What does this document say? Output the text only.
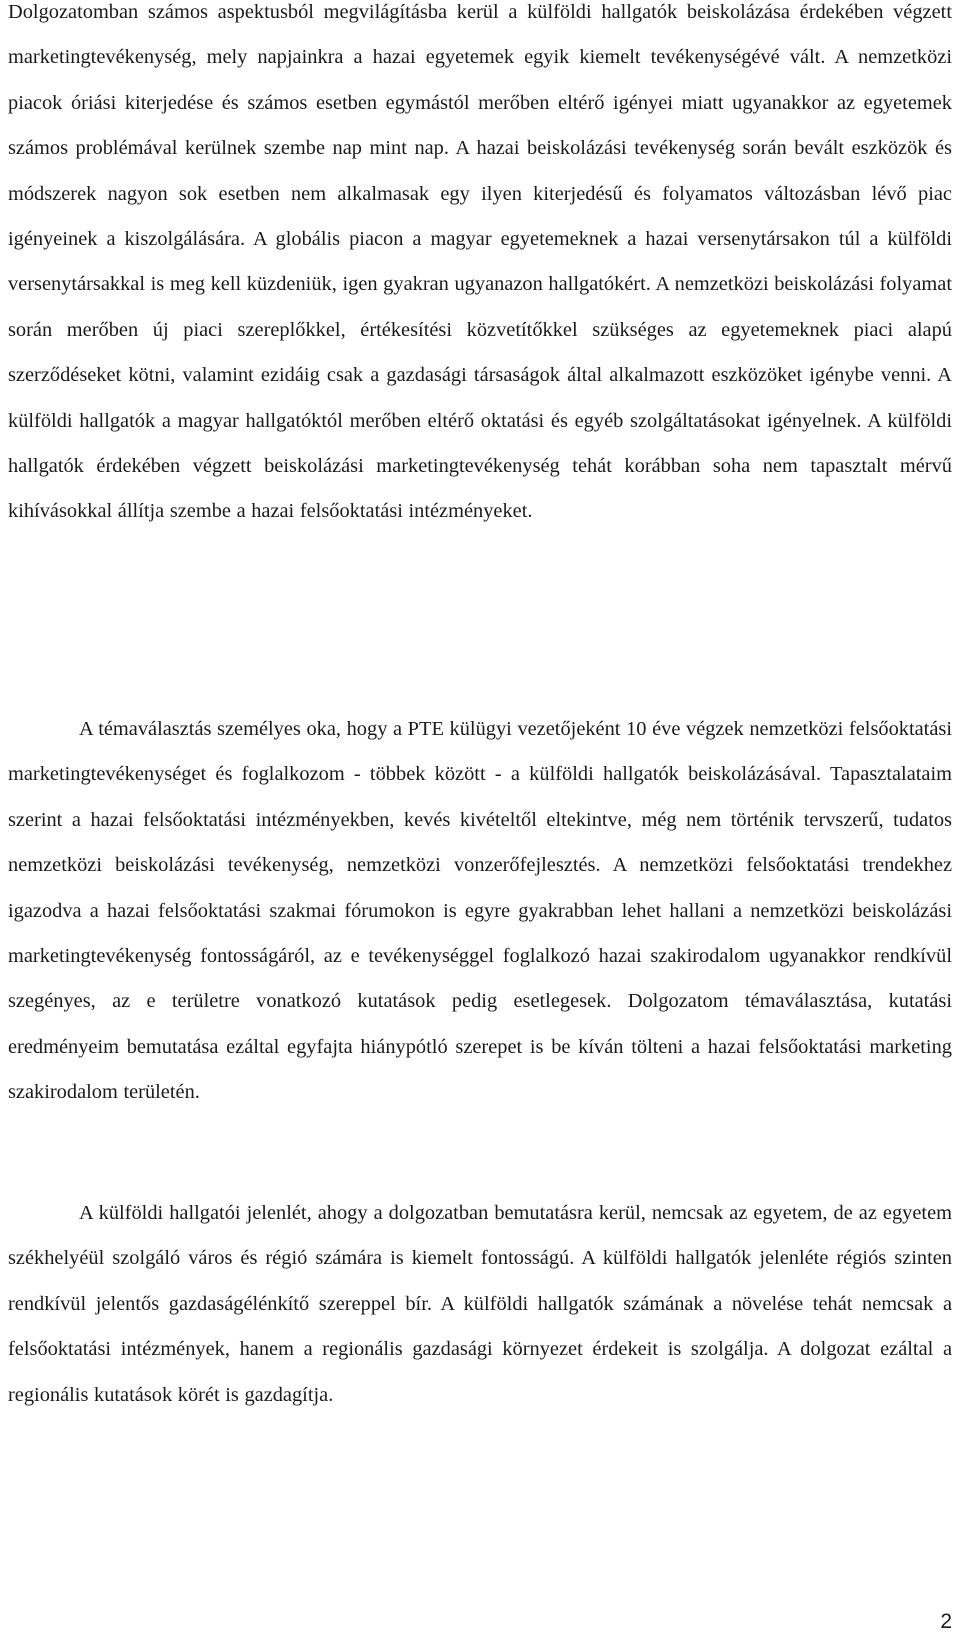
Dolgozatomban számos aspektusból megvilágításba kerül a külföldi hallgatók beiskolázása érdekében végzett marketingtevékenység, mely napjainkra a hazai egyetemek egyik kiemelt tevékenységévé vált. A nemzetközi piacok óriási kiterjedése és számos esetben egymástól merőben eltérő igényei miatt ugyanakkor az egyetemek számos problémával kerülnek szembe nap mint nap. A hazai beiskolázási tevékenység során bevált eszközök és módszerek nagyon sok esetben nem alkalmasak egy ilyen kiterjedésű és folyamatos változásban lévő piac igényeinek a kiszolgálására. A globális piacon a magyar egyetemeknek a hazai versenytársakon túl a külföldi versenytársakkal is meg kell küzdeniük, igen gyakran ugyanazon hallgatókért. A nemzetközi beiskolázási folyamat során merőben új piaci szereplőkkel, értékesítési közvetítőkkel szükséges az egyetemeknek piaci alapú szerződéseket kötni, valamint ezidáig csak a gazdasági társaságok által alkalmazott eszközöket igénybe venni. A külföldi hallgatók a magyar hallgatóktól merőben eltérő oktatási és egyéb szolgáltatásokat igényelnek. A külföldi hallgatók érdekében végzett beiskolázási marketingtevékenység tehát korábban soha nem tapasztalt mérvű kihívásokkal állítja szembe a hazai felsőoktatási intézményeket.

A témaválasztás személyes oka, hogy a PTE külügyi vezetőjeként 10 éve végzek nemzetközi felsőoktatási marketingtevékenységet és foglalkozom - többek között - a külföldi hallgatók beiskolázásával. Tapasztalataim szerint a hazai felsőoktatási intézményekben, kevés kivételtől eltekintve, még nem történik tervszerű, tudatos nemzetközi beiskolázási tevékenység, nemzetközi vonzerőfejlesztés. A nemzetközi felsőoktatási trendekhez igazodva a hazai felsőoktatási szakmai fórumokon is egyre gyakrabban lehet hallani a nemzetközi beiskolázási marketingtevékenység fontosságáról, az e tevékenységgel foglalkozó hazai szakirodalom ugyanakkor rendkívül szegényes, az e területre vonatkozó kutatások pedig esetlegesek. Dolgozatom témaválasztása, kutatási eredményeim bemutatása ezáltal egyfajta hiánypótló szerepet is be kíván tölteni a hazai felsőoktatási marketing szakirodalom területén.

A külföldi hallgatói jelenlét, ahogy a dolgozatban bemutatásra kerül, nemcsak az egyetem, de az egyetem székhelyéül szolgáló város és régió számára is kiemelt fontosságú. A külföldi hallgatók jelenléte régiós szinten rendkívül jelentős gazdaságélénkítő szereppel bír. A külföldi hallgatók számának a növelése tehát nemcsak a felsőoktatási intézmények, hanem a regionális gazdasági környezet érdekeit is szolgálja. A dolgozat ezáltal a regionális kutatások körét is gazdagítja.

2
